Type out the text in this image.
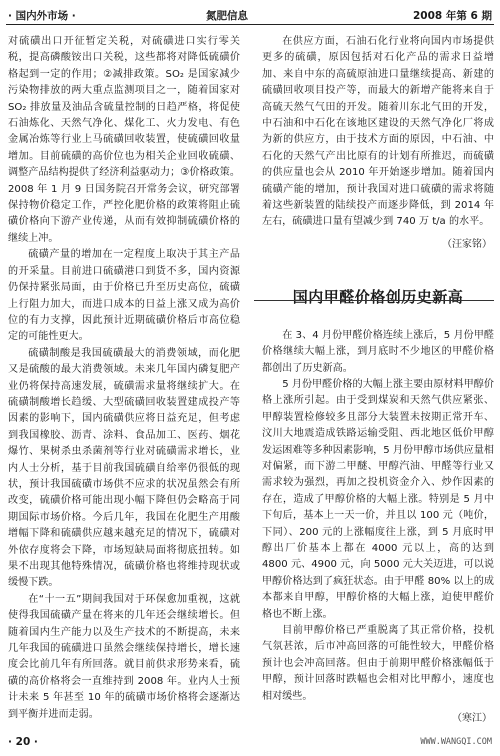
· 国内外市场 ·	氮肥信息	2008 年第 6 期

对硫磺出口开征暂定关税，对硫磺进口实行零关税，提高磷酸铵出口关税，这些都将对降低硫磺价格起到一定的作用；②减排政策。SO₂ 是国家减少污染物排放的两大重点监测项目之一，随着国家对 SO₂ 排放量及油品含硫量控制的日趋严格，将促使石油炼化、天然气净化、煤化工、火力发电、有色金属冶炼等行业上马硫磺回收装置，使硫磺回收量增加。目前硫磺的高价位也为相关企业回收硫磺、调整产品结构提供了经济利益驱动力；③价格政策。2008 年 1 月 9 日国务院召开常务会议，研究部署保持物价稳定工作，严控化肥价格的政策将阻止硫磺价格向下游产业传递，从而有效抑制硫磺价格的继续上冲。

硫磺产量的增加在一定程度上取决于其主产品的开采量。目前进口硫磺港口到货不多，国内资源仍保持紧张局面，由于价格已升至历史高位，硫磺上行阻力加大，而进口成本的日益上涨又成为高价位的有力支撑，因此预计近期硫磺价格后市高位稳定的可能性更大。

硫磺制酸是我国硫磺最大的消费领域，而化肥又是硫酸的最大消费领域。未来几年国内磷复肥产业仍将保持高速发展，硫磺需求量将继续扩大。在硫磺制酸增长趋缓、大型硫磺回收装置建成投产等因素的影响下，国内硫磺供应将日益充足，但考虑到我国橡胶、沥青、涂料、食品加工、医药、烟花爆竹、果树杀虫杀菌剂等行业对硫磺需求增长，业内人士分析，基于目前我国硫磺自给率仍很低的现状，预计我国硫磺市场供不应求的状况虽然会有所改变，硫磺价格可能出现小幅下降但仍会略高于同期国际市场价格。今后几年，我国在化肥生产用酸增幅下降和硫磺供应越来越充足的情况下，硫磺对外依存度将会下降，市场短缺局面将彻底扭转。如果不出现其他特殊情况，硫磺价格也将维持现状或缓慢下跌。

在“十一五”期间我国对于环保愈加重视，这就使得我国硫磺产量在将来的几年还会继续增长。但随着国内生产能力以及生产技术的不断提高，未来几年我国的硫磺进口虽然会继续保持增长，增长速度会比前几年有所回落。就目前供求形势来看，硫磺的高价格将会一直维持到 2008 年。业内人士预计未来 5 年甚至 10 年的硫磺市场价格将会逐渐达到平衡并进而走弱。

在供应方面，石油石化行业将向国内市场提供更多的硫磺，原因包括对石化产品的需求日益增加、来自中东的高硫原油进口量继续提高、新建的硫磺回收项目投产等，而最大的新增产能将来自于高硫天然气气田的开发。随着川东北气田的开发，中石油和中石化在该地区建设的天然气净化厂将成为新的供应方，由于技术方面的原因，中石油、中石化的天然气产出比原有的计划有所推迟，而硫磺的供应量也会从 2010 年开始逐步增加。随着国内硫磺产能的增加，预计我国对进口硫磺的需求将随着这些新装置的陆续投产而逐步降低，到 2014 年左右，硫磺进口量有望减少到 740 万 t/a 的水平。

（汪家铭）
国内甲醛价格创历史新高

在 3、4 月份甲醛价格连续上涨后，5 月份甲醛价格继续大幅上涨，到月底时不少地区的甲醛价格都创出了历史新高。

5 月份甲醛价格的大幅上涨主要由原材料甲醇价格上涨所引起。由于受到煤炭和天然气供应紧张、甲醇装置检修较多且部分大装置未按期正常开车、汶川大地震造成铁路运输受阻、西北地区低价甲醇发运困难等多种因素影响，5 月份甲醇市场供应量相对偏紧，而下游二甲醚、甲醇汽油、甲醛等行业又需求较为强烈，再加之投机资金介入、炒作因素的存在，造成了甲醇价格的大幅上涨。特别是 5 月中下旬后，基本上一天一价，并且以 100 元（吨价，下同）、200 元的上涨幅度往上涨，到 5 月底时甲醇出厂价基本上都在 4000 元以上，高的达到 4800 元、4900 元，向 5000 元大关迈进，可以说甲醇价格达到了疯狂状态。由于甲醛 80% 以上的成本都来自甲醇，甲醇价格的大幅上涨，迫使甲醛价格也不断上涨。

目前甲醇价格已严重脱离了其正常价格，投机气氛甚浓，后市冲高回落的可能性较大，甲醛价格预计也会冲高回落。但由于前期甲醛价格涨幅低于甲醇，预计回落时跌幅也会相对比甲醇小，速度也相对缓些。

（寒江）
· 20 ·	WWW.WANGQI.COM
